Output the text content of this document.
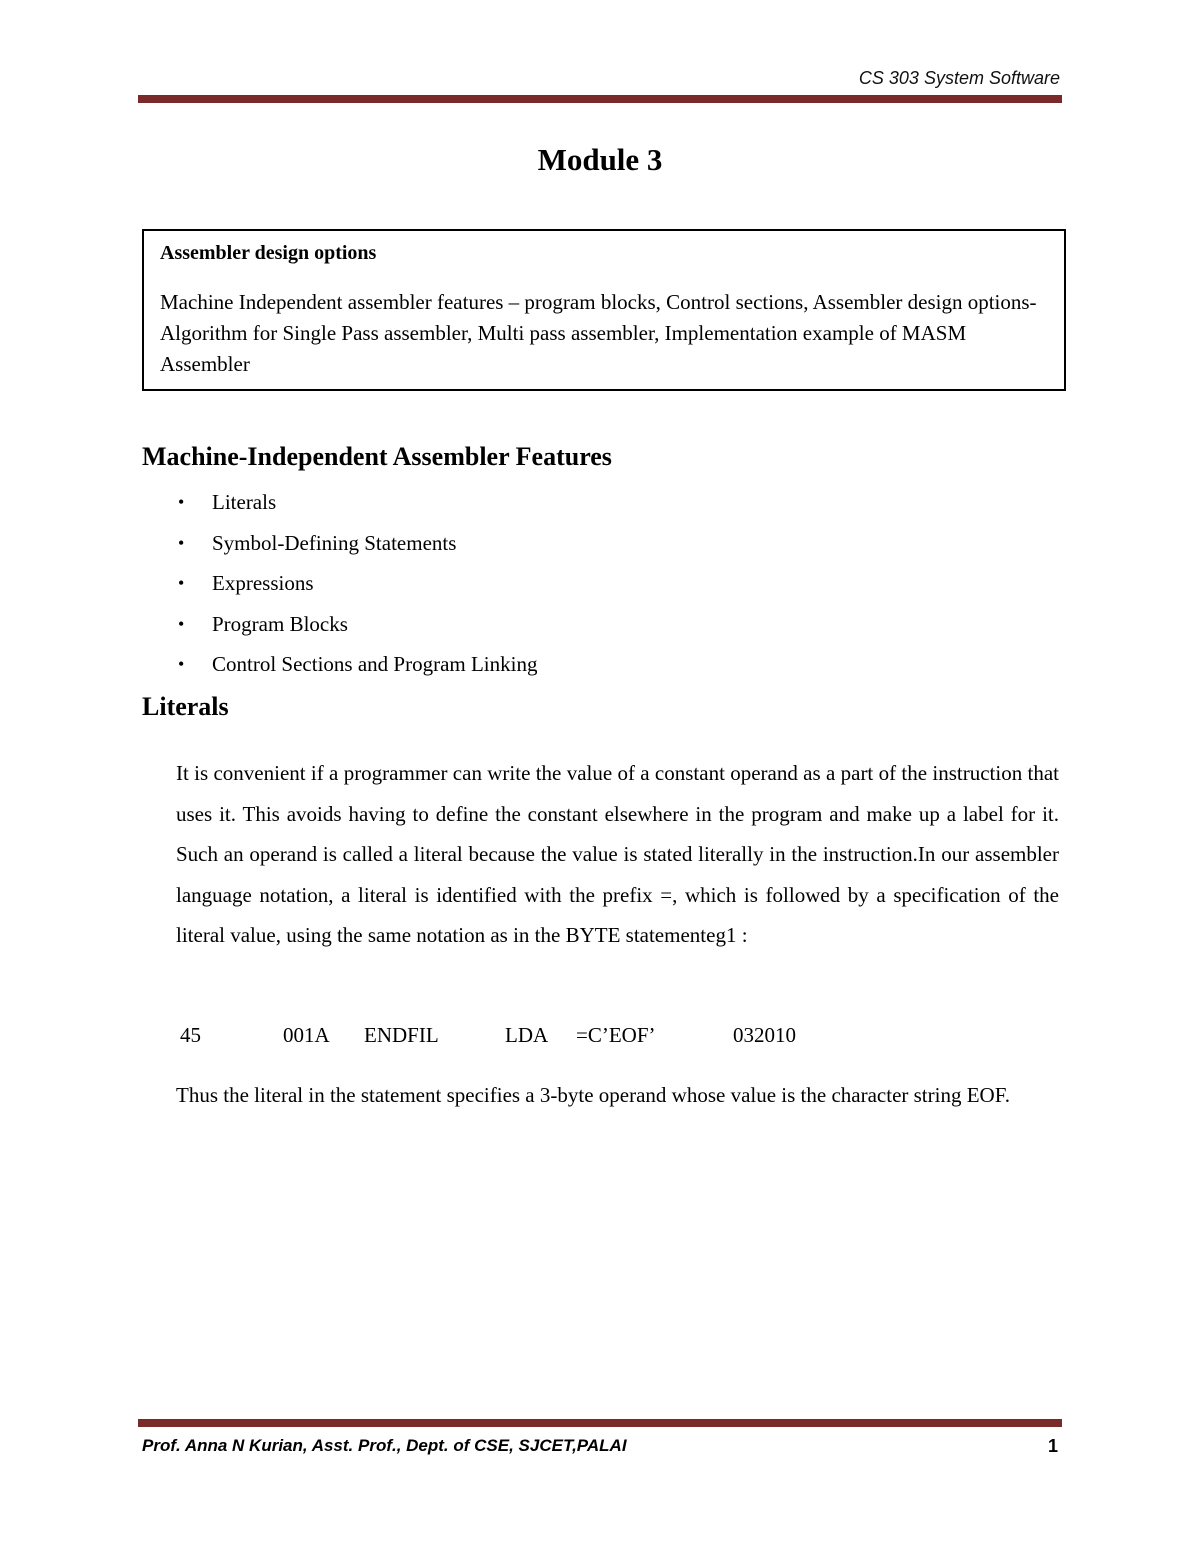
CS 303 System Software
Module 3
Assembler design options

Machine Independent assembler features – program blocks, Control sections, Assembler design options- Algorithm for Single Pass assembler, Multi pass assembler, Implementation example of MASM Assembler

Machine-Independent Assembler Features
• Literals
• Symbol-Defining Statements
• Expressions
• Program Blocks
• Control Sections and Program Linking
Literals

It is convenient if a programmer can write the value of a constant operand as a part of the instruction that uses it. This avoids having to define the constant elsewhere in the program and make up a label for it. Such an operand is called a literal because the value is stated literally in the instruction.In our assembler language notation, a literal is identified with the prefix =, which is followed by a specification of the literal value, using the same notation as in the BYTE statementeg1 :

45	001A ENDFIL	LDA =C’EOF’	032010

Thus the literal in the statement specifies a 3-byte operand whose value is the character string EOF.

Prof. Anna N Kurian, Asst. Prof., Dept. of CSE, SJCET,PALAI	1
